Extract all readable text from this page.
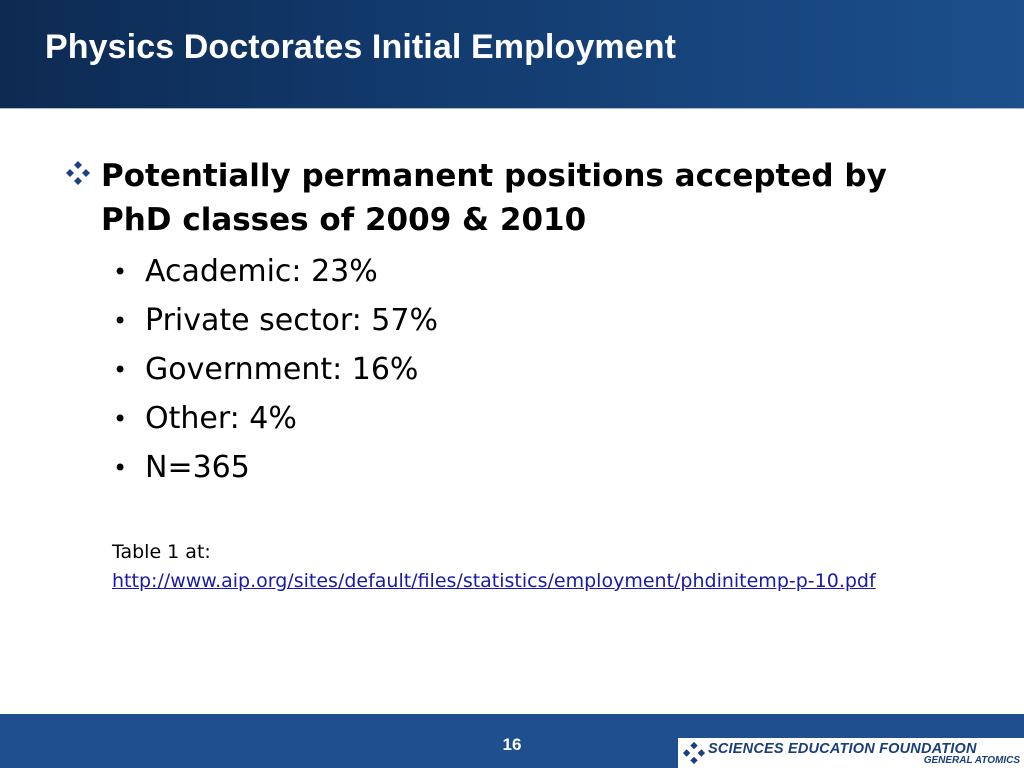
Physics Doctorates Initial Employment
Potentially permanent positions accepted by PhD classes of 2009 & 2010
• Academic: 23%
• Private sector: 57%
• Government: 16%
• Other: 4%
• N=365
Table 1 at:
http://www.aip.org/sites/default/files/statistics/employment/phdinitemp-p-10.pdf
16	SCIENCES EDUCATION FOUNDATION
GENERAL ATOMICS
